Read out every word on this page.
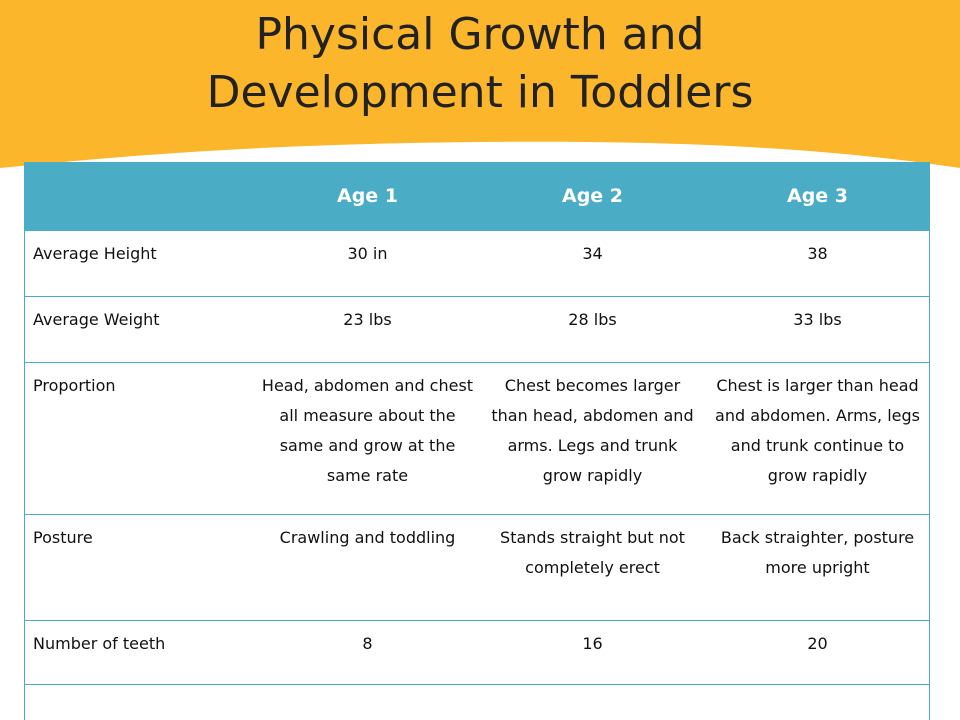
Physical Growth and
Development in Toddlers
	Age 1	Age 2	Age 3
Average Height	30 in	34	38
Average Weight	23 lbs	28 lbs	33 lbs
Proportion	Head, abdomen and chest all measure about the same and grow at the same rate	Chest becomes larger than head, abdomen and arms. Legs and trunk grow rapidly	Chest is larger than head and abdomen. Arms, legs and trunk continue to grow rapidly
Posture	Crawling and toddling	Stands straight but not completely erect	Back straighter, posture more upright
Number of teeth	8	16	20
